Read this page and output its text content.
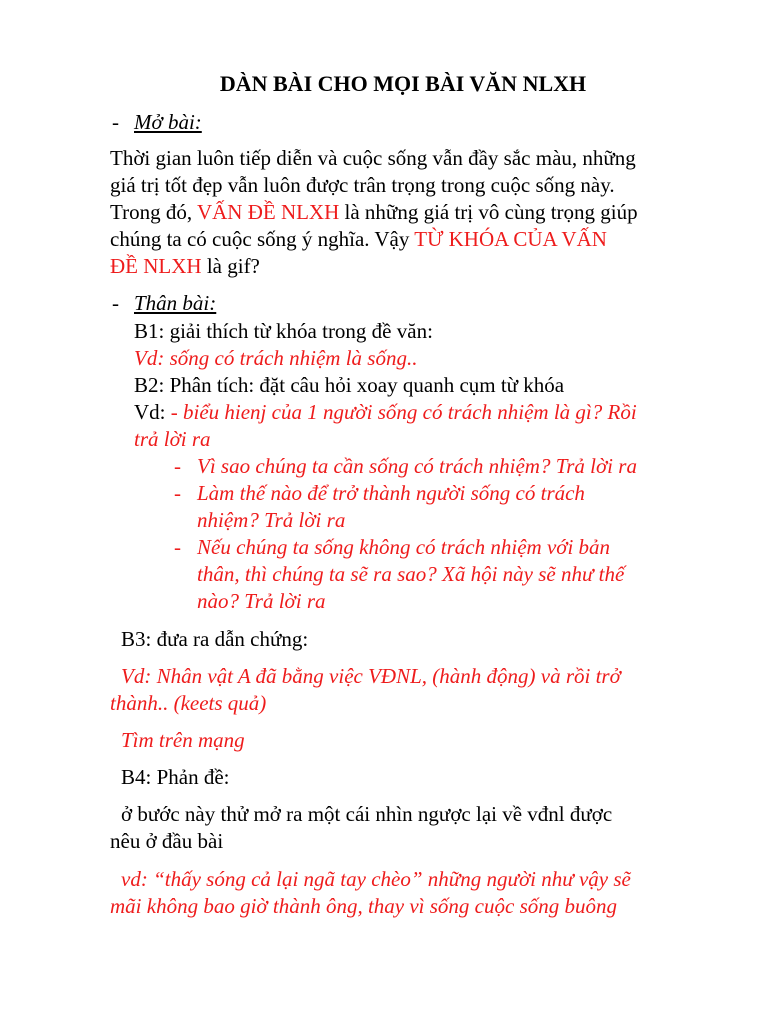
DÀN BÀI CHO MỌI BÀI VĂN NLXH
- Mở bài:
Thời gian luôn tiếp diễn và cuộc sống vẫn đầy sắc màu, những
giá trị tốt đẹp vẫn luôn được trân trọng trong cuộc sống này.
Trong đó, VẤN ĐỀ NLXH là những giá trị vô cùng trọng giúp
chúng ta có cuộc sống ý nghĩa. Vậy TỪ KHÓA CỦA VẤN
ĐỀ NLXH là gif?
- Thân bài:
B1: giải thích từ khóa trong đề văn:
Vd: sống có trách nhiệm là sống..
B2: Phân tích: đặt câu hỏi xoay quanh cụm từ khóa
Vd: - biểu hienj của 1 người sống có trách nhiệm là gì? Rồi
trả lời ra
- Vì sao chúng ta cần sống có trách nhiệm? Trả lời ra
- Làm thế nào để trở thành người sống có trách
nhiệm? Trả lời ra
- Nếu chúng ta sống không có trách nhiệm với bản
thân, thì chúng ta sẽ ra sao? Xã hội này sẽ như thế
nào? Trả lời ra
B3: đưa ra dẫn chứng:
Vd: Nhân vật A đã bằng việc VĐNL, (hành động) và rồi trở
thành.. (keets quả)
Tìm trên mạng
B4: Phản đề:
ở bước này thử mở ra một cái nhìn ngược lại về vđnl được
nêu ở đầu bài
vd: “thấy sóng cả lại ngã tay chèo” những người như vậy sẽ
mãi không bao giờ thành ông, thay vì sống cuộc sống buông
